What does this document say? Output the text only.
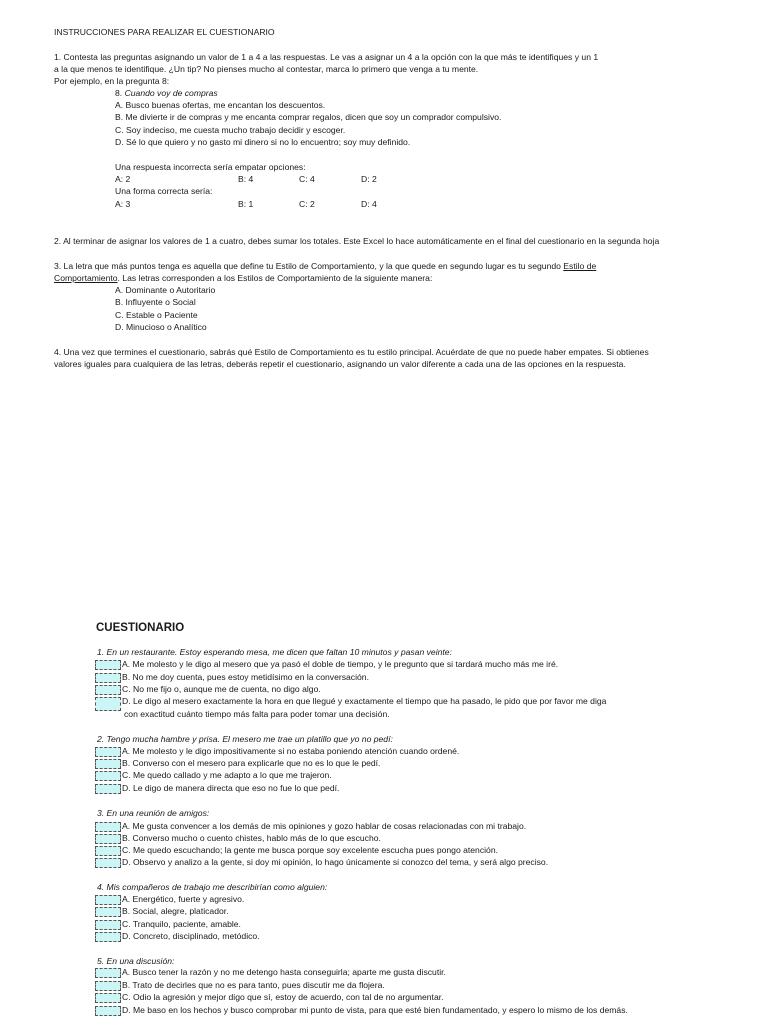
INSTRUCCIONES PARA REALIZAR EL CUESTIONARIO
1. Contesta las preguntas asignando un valor de 1 a 4 a las respuestas. Le vas a asignar un 4 a la opción con la que más te identifiques y un 1
a la que menos te identifique. ¿Un tip? No pienses mucho al contestar, marca lo primero que venga a tu mente.
Por ejemplo, en la pregunta 8:
8. Cuando voy de compras
A. Busco buenas ofertas, me encantan los descuentos.
B. Me divierte ir de compras y me encanta comprar regalos, dicen que soy un comprador compulsivo.
C. Soy indeciso, me cuesta mucho trabajo decidir y escoger.
D. Sé lo que quiero y no gasto mi dinero si no lo encuentro; soy muy definido.
Una respuesta incorrecta sería empatar opciones:
A: 2	B: 4	C: 4	D: 2
Una forma correcta sería:
A: 3	B: 1	C: 2	D: 4
2. Al terminar de asignar los valores de 1 a cuatro, debes sumar los totales. Este Excel lo hace automáticamente en el final del cuestionario en la segunda hoja
3. La letra que más puntos tenga es aquella que define tu Estilo de Comportamiento, y la que quede en segundo lugar es tu segundo Estilo de
Comportamiento. Las letras corresponden a los Estilos de Comportamiento de la siguiente manera:
A. Dominante o Autoritario
B. Influyente o Social
C. Estable o Paciente
D. Minucioso o Analítico
4. Una vez que termines el cuestionario, sabrás qué Estilo de Comportamiento es tu estilo principal. Acuérdate de que no puede haber empates. Si obtienes
valores iguales para cualquiera de las letras, deberás repetir el cuestionario, asignando un valor diferente a cada una de las opciones en la respuesta.
CUESTIONARIO
1. En un restaurante. Estoy esperando mesa, me dicen que faltan 10 minutos y pasan veinte:
A. Me molesto y le digo al mesero que ya pasó el doble de tiempo, y le pregunto que si tardará mucho más me iré.
B. No me doy cuenta, pues estoy metidísimo en la conversación.
C. No me fijo o, aunque me de cuenta, no digo algo.
D. Le digo al mesero exactamente la hora en que llegué y exactamente el tiempo que ha pasado, le pido que por favor me diga
con exactitud cuánto tiempo más falta para poder tomar una decisión.
2. Tengo mucha hambre y prisa. El mesero me trae un platillo que yo no pedí:
A. Me molesto y le digo impositivamente si no estaba poniendo atención cuando ordené.
B. Converso con el mesero para explicarle que no es lo que le pedí.
C. Me quedo callado y me adapto a lo que me trajeron.
D. Le digo de manera directa que eso no fue lo que pedí.
3. En una reunión de amigos:
A. Me gusta convencer a los demás de mis opiniones y gozo hablar de cosas relacionadas con mi trabajo.
B. Converso mucho o cuento chistes, hablo más de lo que escucho.
C. Me quedo escuchando; la gente me busca porque soy excelente escucha pues pongo atención.
D. Observo y analizo a la gente, si doy mi opinión, lo hago únicamente si conozco del tema, y será algo preciso.
4. Mis compañeros de trabajo me describirían como alguien:
A. Energético, fuerte y agresivo.
B. Social, alegre, platicador.
C. Tranquilo, paciente, amable.
D. Concreto, disciplinado, metódico.
5. En una discusión:
A. Busco tener la razón y no me detengo hasta conseguirla; aparte me gusta discutir.
B. Trato de decirles que no es para tanto, pues discutir me da flojera.
C. Odio la agresión y mejor digo que sí, estoy de acuerdo, con tal de no argumentar.
D. Me baso en los hechos y busco comprobar mi punto de vista, para que esté bien fundamentado, y espero lo mismo de los demás.
